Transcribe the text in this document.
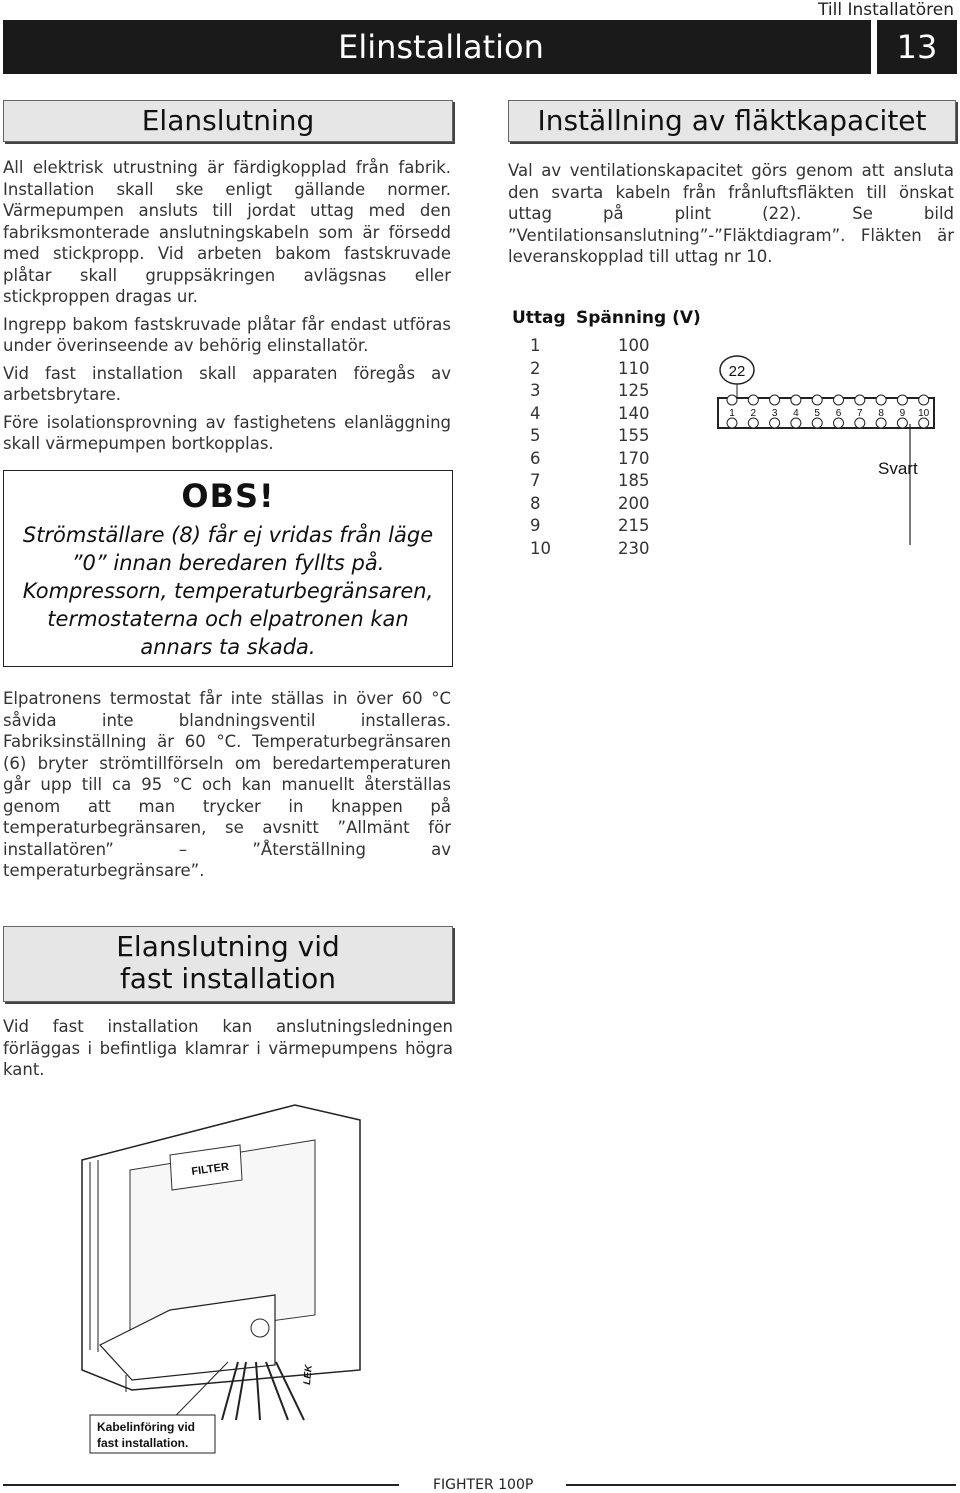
Till Installatören
Elinstallation	13
Elanslutning

All elektrisk utrustning är färdigkopplad från fabrik. Installation skall ske enligt gällande normer. Värmepumpen ansluts till jordat uttag med den fabriksmonterade anslutningskabeln som är försedd med stickpropp. Vid arbeten bakom fastskruvade plåtar skall gruppsäkringen avlägsnas eller stickproppen dragas ur.

Ingrepp bakom fastskruvade plåtar får endast utföras under överinseende av behörig elinstallatör.

Vid fast installation skall apparaten föregås av arbetsbrytare.

Före isolationsprovning av fastighetens elanläggning skall värmepumpen bortkopplas.

OBS!
Strömställare (8) får ej vridas från läge ”0” innan beredaren fyllts på. Kompressorn, temperaturbegränsaren, termostaterna och elpatronen kan annars ta skada.
Elpatronens termostat får inte ställas in över 60 °C såvida inte blandningsventil installeras. Fabriksinställning är 60 °C. Temperaturbegränsaren (6) bryter strömtillförseln om beredartemperaturen går upp till ca 95 °C och kan manuellt återställas genom att man trycker in knappen på temperaturbegränsaren, se avsnitt ”Allmänt för installatören” – ”Återställning av temperaturbegränsare”.
Inställning av fläktkapacitet
Val av ventilationskapacitet görs genom att ansluta den svarta kabeln från frånluftsfläkten till önskat uttag på plint (22). Se bild ”Ventilationsanslutning”-”Fläktdiagram”. Fläkten är leveranskopplad till uttag nr 10.
Uttag Spänning (V)
1	100
2	110
3	125
4	140
5	155
6	170
7	185
8	200
9	215
10	230
22
1 2 3 4 5 6 7 8 9 10
Svart
Elanslutning vid
fast installation
Vid fast installation kan anslutningsledningen förläggas i befintliga klamrar i värmepumpens högra kant.
FILTER
LEK
Kabelinföring vid
fast installation.
FIGHTER 100P
